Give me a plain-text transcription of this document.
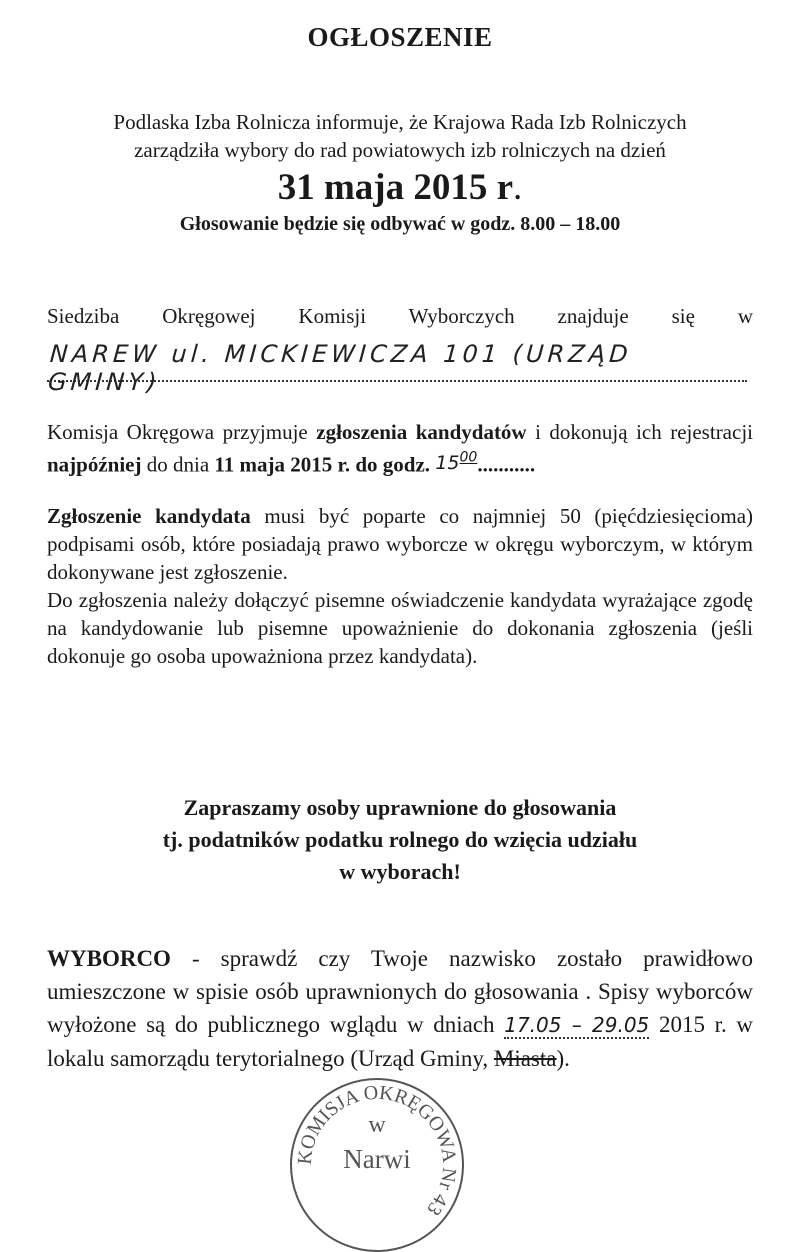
OGŁOSZENIE
Podlaska Izba Rolnicza informuje, że Krajowa Rada Izb Rolniczych
zarządziła wybory do rad powiatowych izb rolniczych na dzień
31 maja 2015 r.
Głosowanie będzie się odbywać w godz. 8.00 – 18.00
Siedziba Okręgowej Komisji Wyborczych znajduje się w
NAREW ul. MICKIEWICZA 101 (URZĄD GMINY)
Komisja Okręgowa przyjmuje zgłoszenia kandydatów i dokonują ich rejestracji najpóźniej do dnia 11 maja 2015 r. do godz. $15^{00}$...........
Zgłoszenie kandydata musi być poparte co najmniej 50 (pięćdziesięcioma) podpisami osób, które posiadają prawo wyborcze w okręgu wyborczym, w którym dokonywane jest zgłoszenie.
Do zgłoszenia należy dołączyć pisemne oświadczenie kandydata wyrażające zgodę na kandydowanie lub pisemne upoważnienie do dokonania zgłoszenia (jeśli dokonuje go osoba upoważniona przez kandydata).
Zapraszamy osoby uprawnione do głosowania
tj. podatników podatku rolnego do wzięcia udziału
w wyborach!
WYBORCO - sprawdź czy Twoje nazwisko zostało prawidłowo umieszczone w spisie osób uprawnionych do głosowania . Spisy wyborców wyłożone są do publicznego wglądu w dniach 17.05 – 29.05 2015 r. w lokalu samorządu terytorialnego (Urząd Gminy, Miasta).
KOMISJA OKRĘGOWA Nr 43
w
Narwi
